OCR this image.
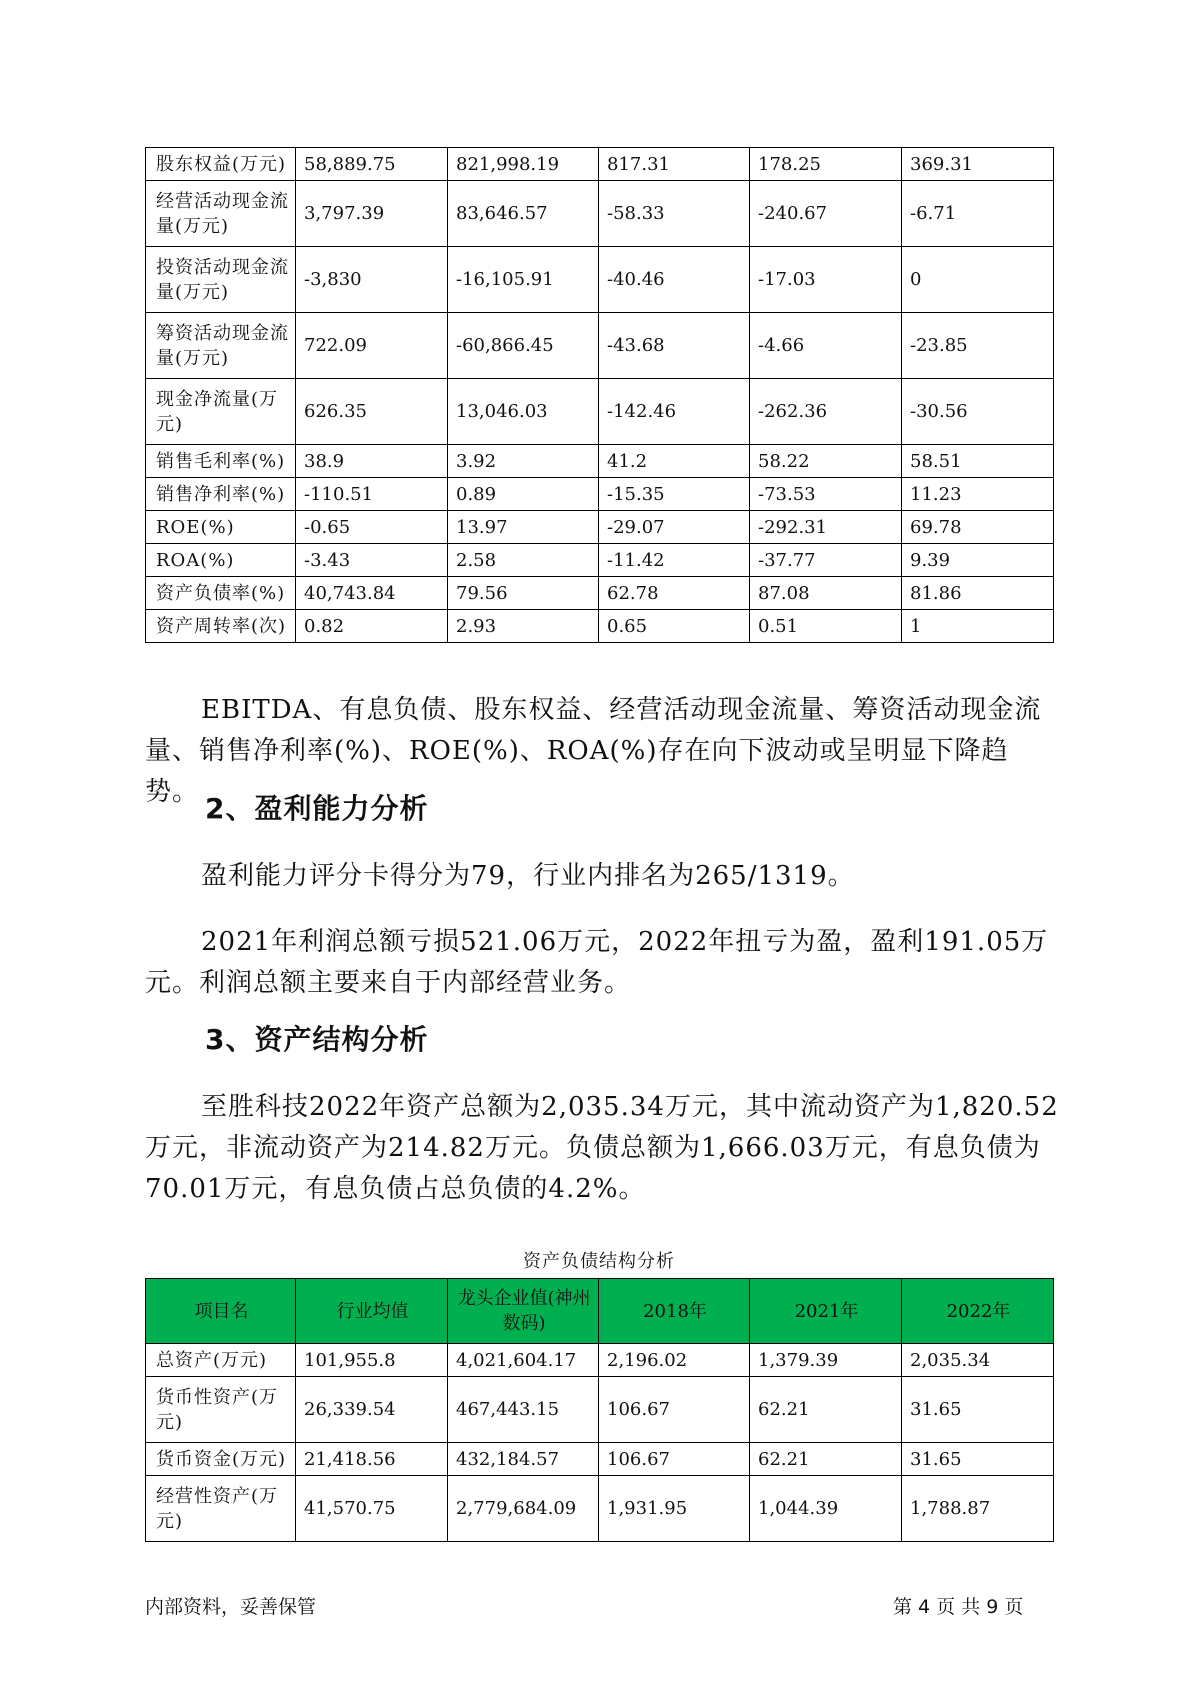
股东权益(万元)	58,889.75	821,998.19	817.31	178.25	369.31
经营活动现金流量(万元)	3,797.39	83,646.57	-58.33	-240.67	-6.71
投资活动现金流量(万元)	-3,830	-16,105.91	-40.46	-17.03	0
筹资活动现金流量(万元)	722.09	-60,866.45	-43.68	-4.66	-23.85
现金净流量(万元)	626.35	13,046.03	-142.46	-262.36	-30.56
销售毛利率(%)	38.9	3.92	41.2	58.22	58.51
销售净利率(%)	-110.51	0.89	-15.35	-73.53	11.23
ROE(%)	-0.65	13.97	-29.07	-292.31	69.78
ROA(%)	-3.43	2.58	-11.42	-37.77	9.39
资产负债率(%)	40,743.84	79.56	62.78	87.08	81.86
资产周转率(次)	0.82	2.93	0.65	0.51	1

EBITDA、有息负债、股东权益、经营活动现金流量、筹资活动现金流量、销售净利率(%)、ROE(%)、ROA(%)存在向下波动或呈明显下降趋势。 2、盈利能力分析

盈利能力评分卡得分为79，行业内排名为265/1319。

2021年利润总额亏损521.06万元，2022年扭亏为盈，盈利191.05万元。利润总额主要来自于内部经营业务。

3、资产结构分析

至胜科技2022年资产总额为2,035.34万元，其中流动资产为1,820.52万元，非流动资产为214.82万元。负债总额为1,666.03万元，有息负债为70.01万元，有息负债占总负债的4.2%。

资产负债结构分析
项目名	行业均值	龙头企业值(神州数码)	2018年	2021年	2022年
总资产(万元)	101,955.8	4,021,604.17	2,196.02	1,379.39	2,035.34
货币性资产(万元)	26,339.54	467,443.15	106.67	62.21	31.65
货币资金(万元)	21,418.56	432,184.57	106.67	62.21	31.65
经营性资产(万元)	41,570.75	2,779,684.09	1,931.95	1,044.39	1,788.87
内部资料，妥善保管	第 4 页 共 9 页
